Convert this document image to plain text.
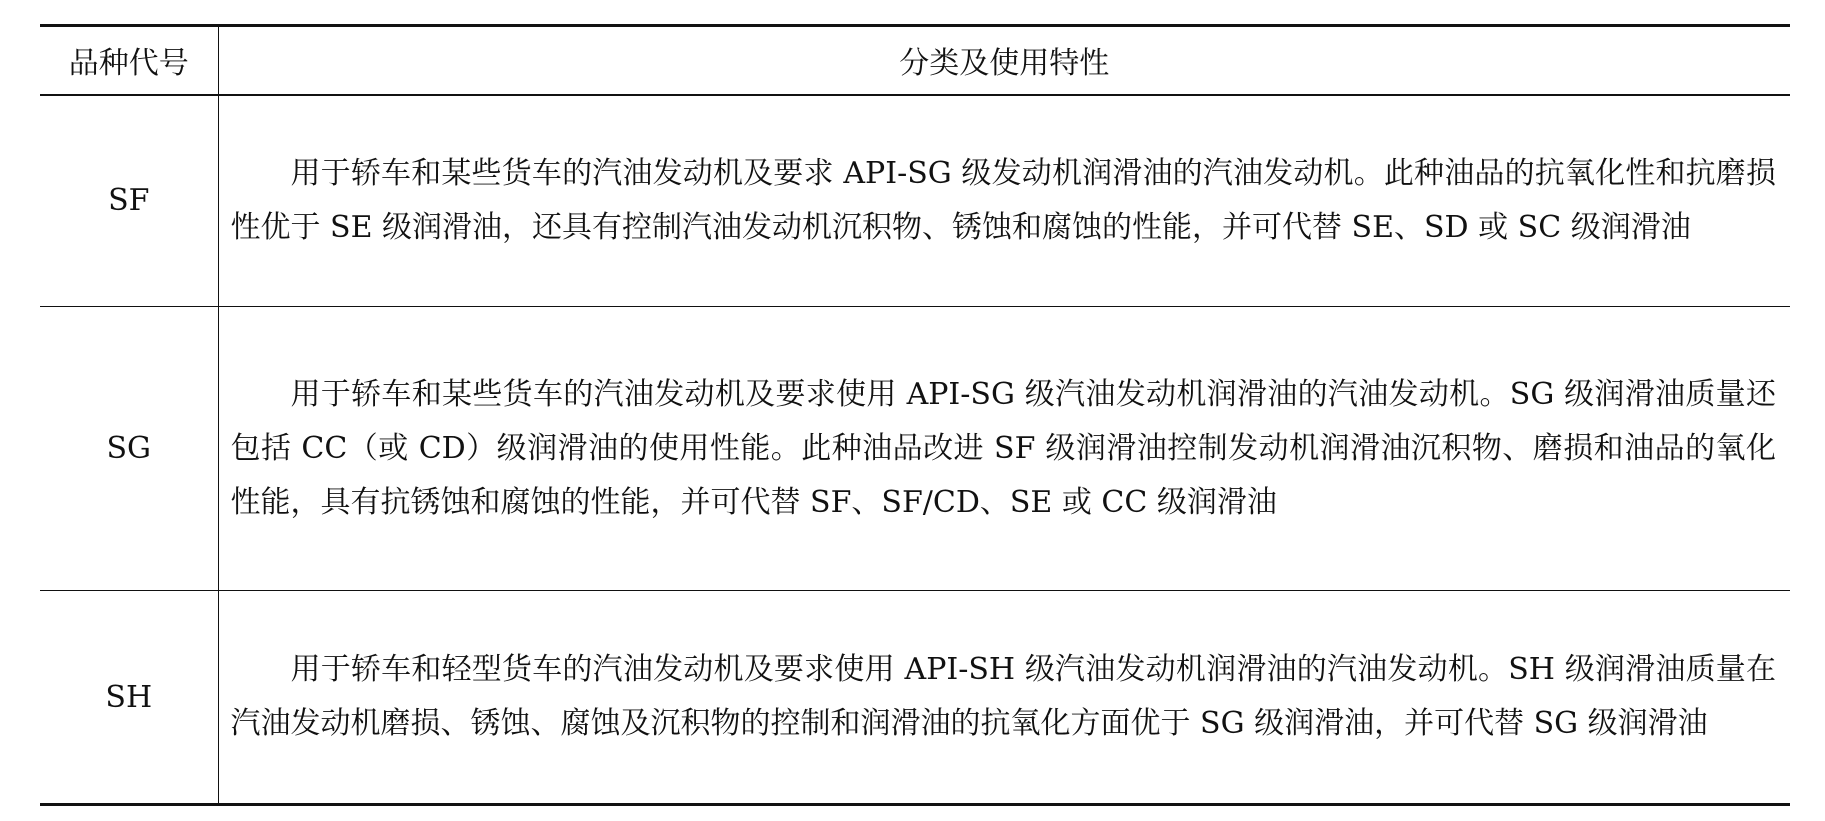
品种代号	分类及使用特性
SF	用于轿车和某些货车的汽油发动机及要求 API-SG 级发动机润滑油的汽油发动机。此种油品的抗氧化性和抗磨损性优于 SE 级润滑油，还具有控制汽油发动机沉积物、锈蚀和腐蚀的性能，并可代替 SE、SD 或 SC 级润滑油
SG	用于轿车和某些货车的汽油发动机及要求使用 API-SG 级汽油发动机润滑油的汽油发动机。SG 级润滑油质量还包括 CC（或 CD）级润滑油的使用性能。此种油品改进 SF 级润滑油控制发动机润滑油沉积物、磨损和油品的氧化性能，具有抗锈蚀和腐蚀的性能，并可代替 SF、SF/CD、SE 或 CC 级润滑油
SH	用于轿车和轻型货车的汽油发动机及要求使用 API-SH 级汽油发动机润滑油的汽油发动机。SH 级润滑油质量在汽油发动机磨损、锈蚀、腐蚀及沉积物的控制和润滑油的抗氧化方面优于 SG 级润滑油，并可代替 SG 级润滑油
